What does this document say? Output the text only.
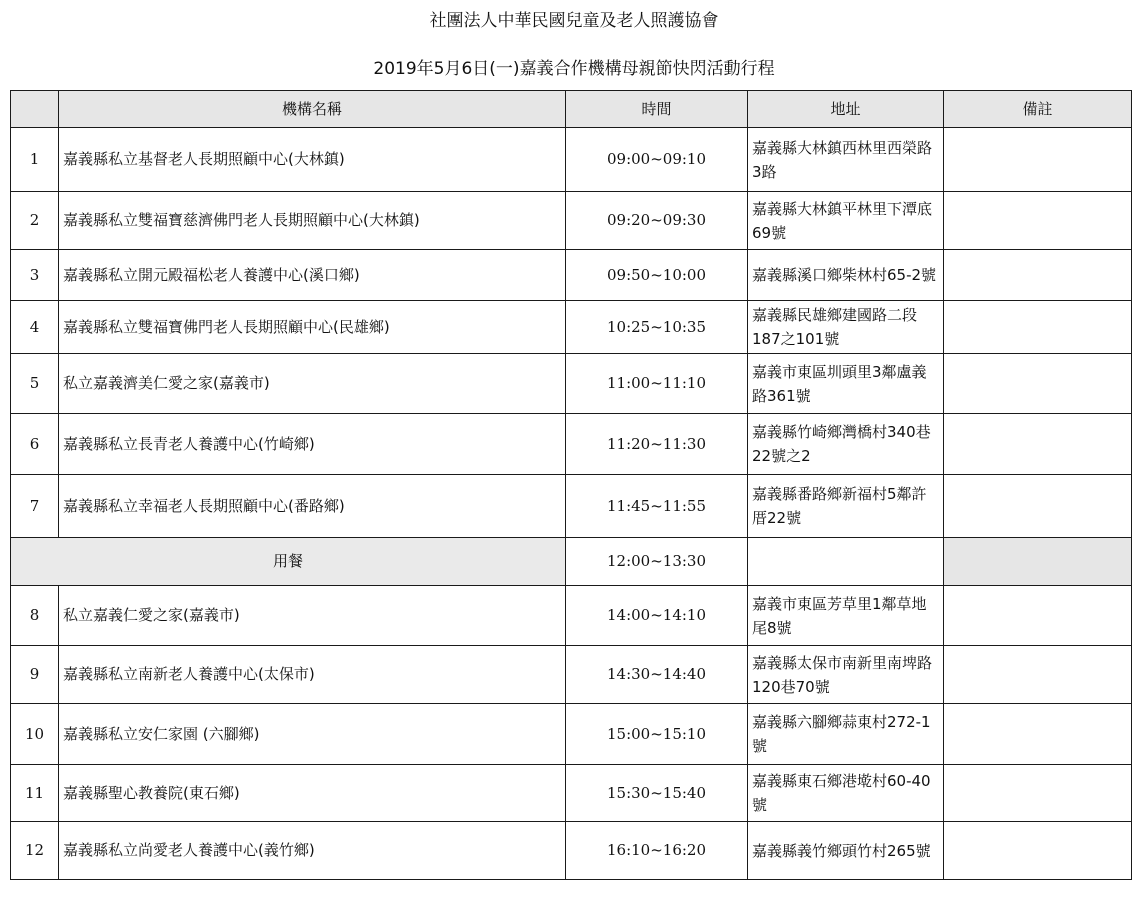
社團法人中華民國兒童及老人照護協會
2019年5月6日(一)嘉義合作機構母親節快閃活動行程
	機構名稱	時間	地址	備註
1	嘉義縣私立基督老人長期照顧中心(大林鎮)	09:00~09:10	嘉義縣大林鎮西林里西榮路3路	
2	嘉義縣私立雙福寶慈濟佛門老人長期照顧中心(大林鎮)	09:20~09:30	嘉義縣大林鎮平林里下潭底69號	
3	嘉義縣私立開元殿福松老人養護中心(溪口鄉)	09:50~10:00	嘉義縣溪口鄉柴林村65-2號	
4	嘉義縣私立雙福寶佛門老人長期照顧中心(民雄鄉)	10:25~10:35	嘉義縣民雄鄉建國路二段187之101號	
5	私立嘉義濟美仁愛之家(嘉義市)	11:00~11:10	嘉義市東區圳頭里3鄰盧義路361號	
6	嘉義縣私立長青老人養護中心(竹崎鄉)	11:20~11:30	嘉義縣竹崎鄉灣橋村340巷22號之2	
7	嘉義縣私立幸福老人長期照顧中心(番路鄉)	11:45~11:55	嘉義縣番路鄉新福村5鄰許厝22號	
用餐		12:00~13:30		
8	私立嘉義仁愛之家(嘉義市)	14:00~14:10	嘉義市東區芳草里1鄰草地尾8號	
9	嘉義縣私立南新老人養護中心(太保市)	14:30~14:40	嘉義縣太保市南新里南埤路120巷70號	
10	嘉義縣私立安仁家園 (六腳鄉)	15:00~15:10	嘉義縣六腳鄉蒜東村272-1號	
11	嘉義縣聖心教養院(東石鄉)	15:30~15:40	嘉義縣東石鄉港墘村60-40號	
12	嘉義縣私立尚愛老人養護中心(義竹鄉)	16:10~16:20	嘉義縣義竹鄉頭竹村265號	
